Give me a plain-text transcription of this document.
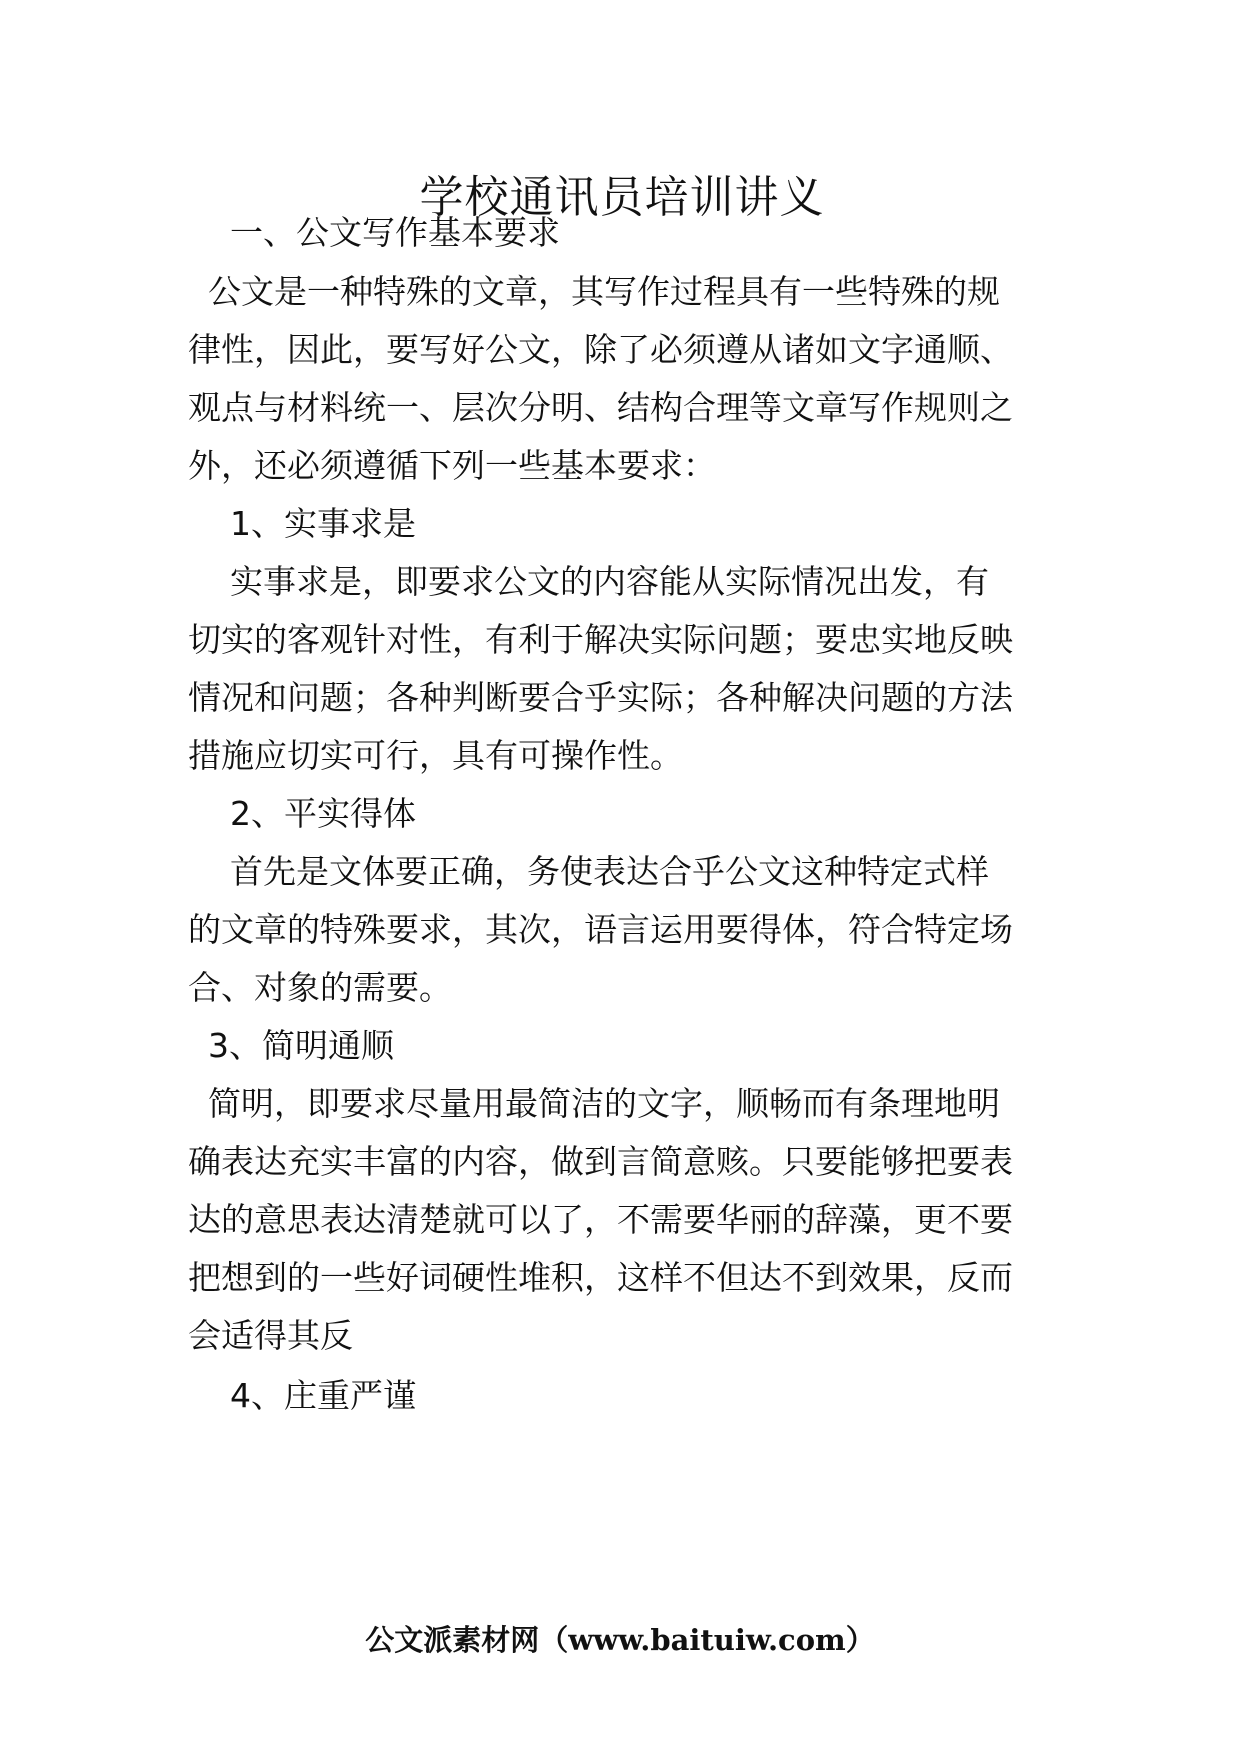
学校通讯员培训讲义
一、公文写作基本要求
公文是一种特殊的文章，其写作过程具有一些特殊的规
律性，因此，要写好公文，除了必须遵从诸如文字通顺、
观点与材料统一、层次分明、结构合理等文章写作规则之
外，还必须遵循下列一些基本要求：
1、实事求是
实事求是，即要求公文的内容能从实际情况出发，有
切实的客观针对性，有利于解决实际问题；要忠实地反映
情况和问题；各种判断要合乎实际；各种解决问题的方法
措施应切实可行，具有可操作性。
2、平实得体
首先是文体要正确，务使表达合乎公文这种特定式样
的文章的特殊要求，其次，语言运用要得体，符合特定场
合、对象的需要。
3、简明通顺
简明，即要求尽量用最简洁的文字，顺畅而有条理地明
确表达充实丰富的内容，做到言简意赅。只要能够把要表
达的意思表达清楚就可以了，不需要华丽的辞藻，更不要
把想到的一些好词硬性堆积，这样不但达不到效果，反而
会适得其反
4、庄重严谨
公文派素材网（www.baituiw.com）
